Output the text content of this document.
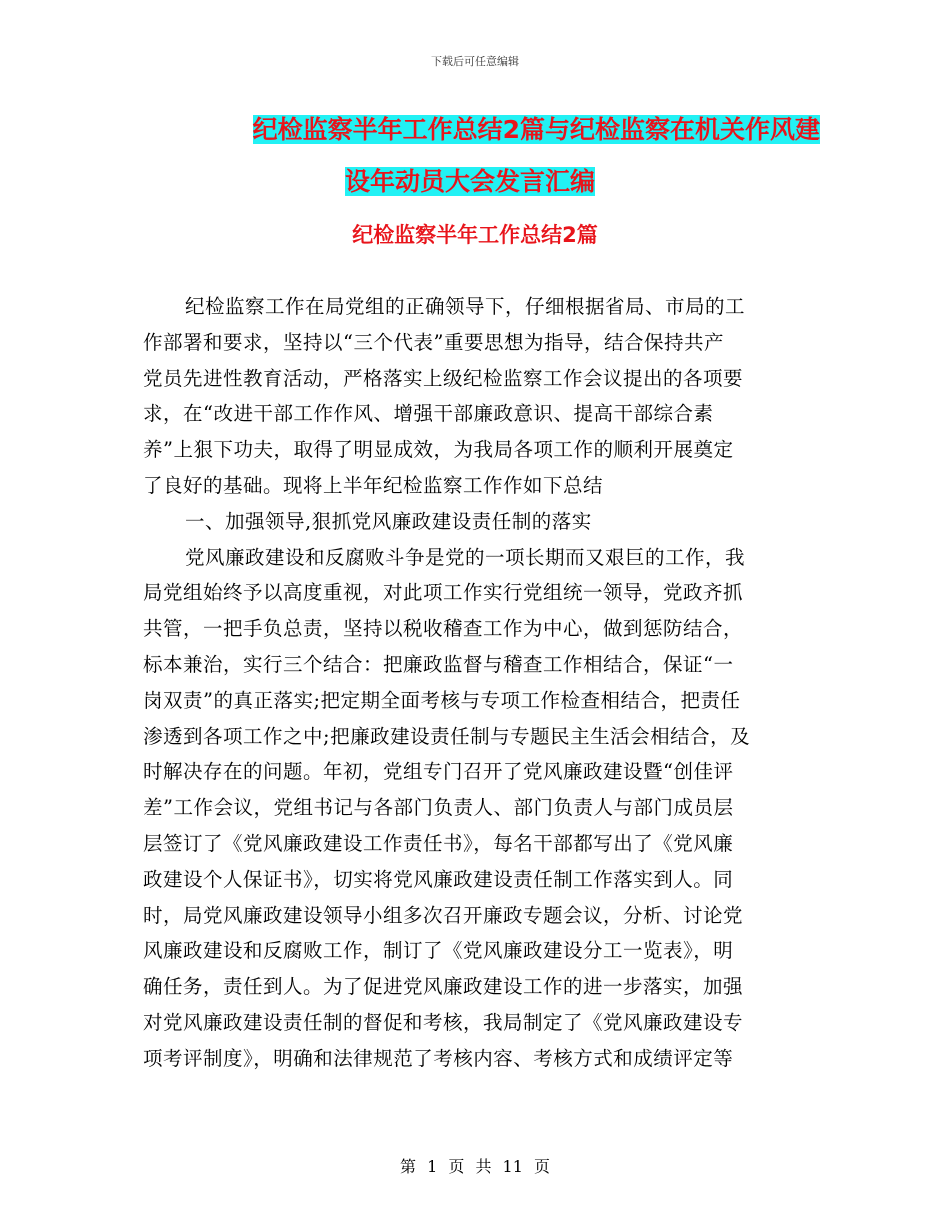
下载后可任意编辑
纪检监察半年工作总结2篇与纪检监察在机关作风建
设年动员大会发言汇编
纪检监察半年工作总结2篇
纪检监察工作在局党组的正确领导下，仔细根据省局、市局的工
作部署和要求，坚持以“三个代表”重要思想为指导，结合保持共产
党员先进性教育活动，严格落实上级纪检监察工作会议提出的各项要
求，在“改进干部工作作风、增强干部廉政意识、提高干部综合素
养”上狠下功夫，取得了明显成效，为我局各项工作的顺利开展奠定
了良好的基础。现将上半年纪检监察工作作如下总结
一、加强领导,狠抓党风廉政建设责任制的落实
党风廉政建设和反腐败斗争是党的一项长期而又艰巨的工作，我
局党组始终予以高度重视，对此项工作实行党组统一领导，党政齐抓
共管，一把手负总责，坚持以税收稽查工作为中心，做到惩防结合，
标本兼治，实行三个结合：把廉政监督与稽查工作相结合，保证“一
岗双责”的真正落实;把定期全面考核与专项工作检查相结合，把责任
渗透到各项工作之中;把廉政建设责任制与专题民主生活会相结合，及
时解决存在的问题。年初，党组专门召开了党风廉政建设暨“创佳评
差”工作会议，党组书记与各部门负责人、部门负责人与部门成员层
层签订了《党风廉政建设工作责任书》，每名干部都写出了《党风廉
政建设个人保证书》，切实将党风廉政建设责任制工作落实到人。同
时，局党风廉政建设领导小组多次召开廉政专题会议，分析、讨论党
风廉政建设和反腐败工作，制订了《党风廉政建设分工一览表》，明
确任务，责任到人。为了促进党风廉政建设工作的进一步落实，加强
对党风廉政建设责任制的督促和考核，我局制定了《党风廉政建设专
项考评制度》，明确和法律规范了考核内容、考核方式和成绩评定等
第 1 页 共 11 页
